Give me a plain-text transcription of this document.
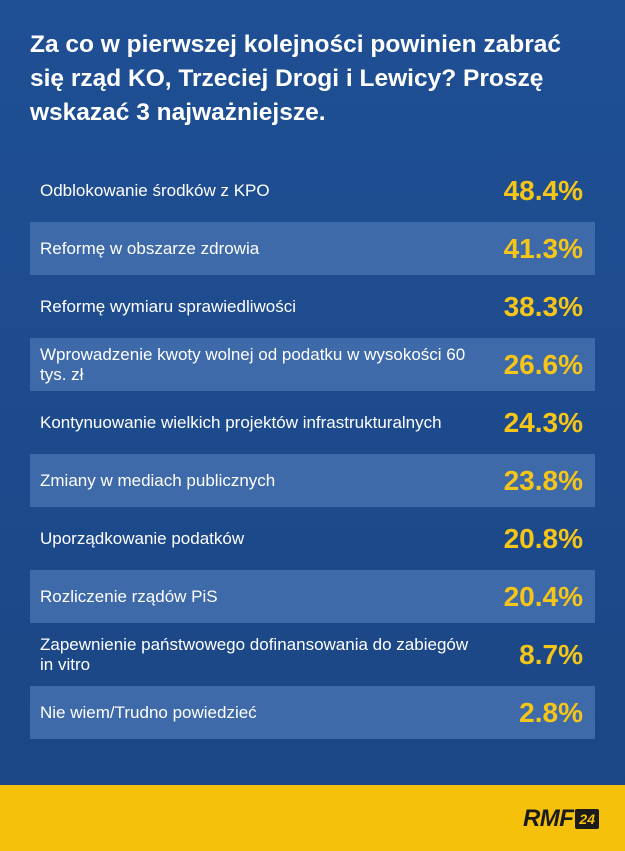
Za co w pierwszej kolejności powinien zabrać się rząd KO, Trzeciej Drogi i Lewicy? Proszę wskazać 3 najważniejsze.
Odblokowanie środków z KPO	48.4%
Reformę w obszarze zdrowia	41.3%
Reformę wymiaru sprawiedliwości	38.3%
Wprowadzenie kwoty wolnej od podatku w wysokości 60 tys. zł	26.6%
Kontynuowanie wielkich projektów infrastrukturalnych	24.3%
Zmiany w mediach publicznych	23.8%
Uporządkowanie podatków	20.8%
Rozliczenie rządów PiS	20.4%
Zapewnienie państwowego dofinansowania do zabiegów in vitro	8.7%
Nie wiem/Trudno powiedzieć	2.8%
RMF 24
